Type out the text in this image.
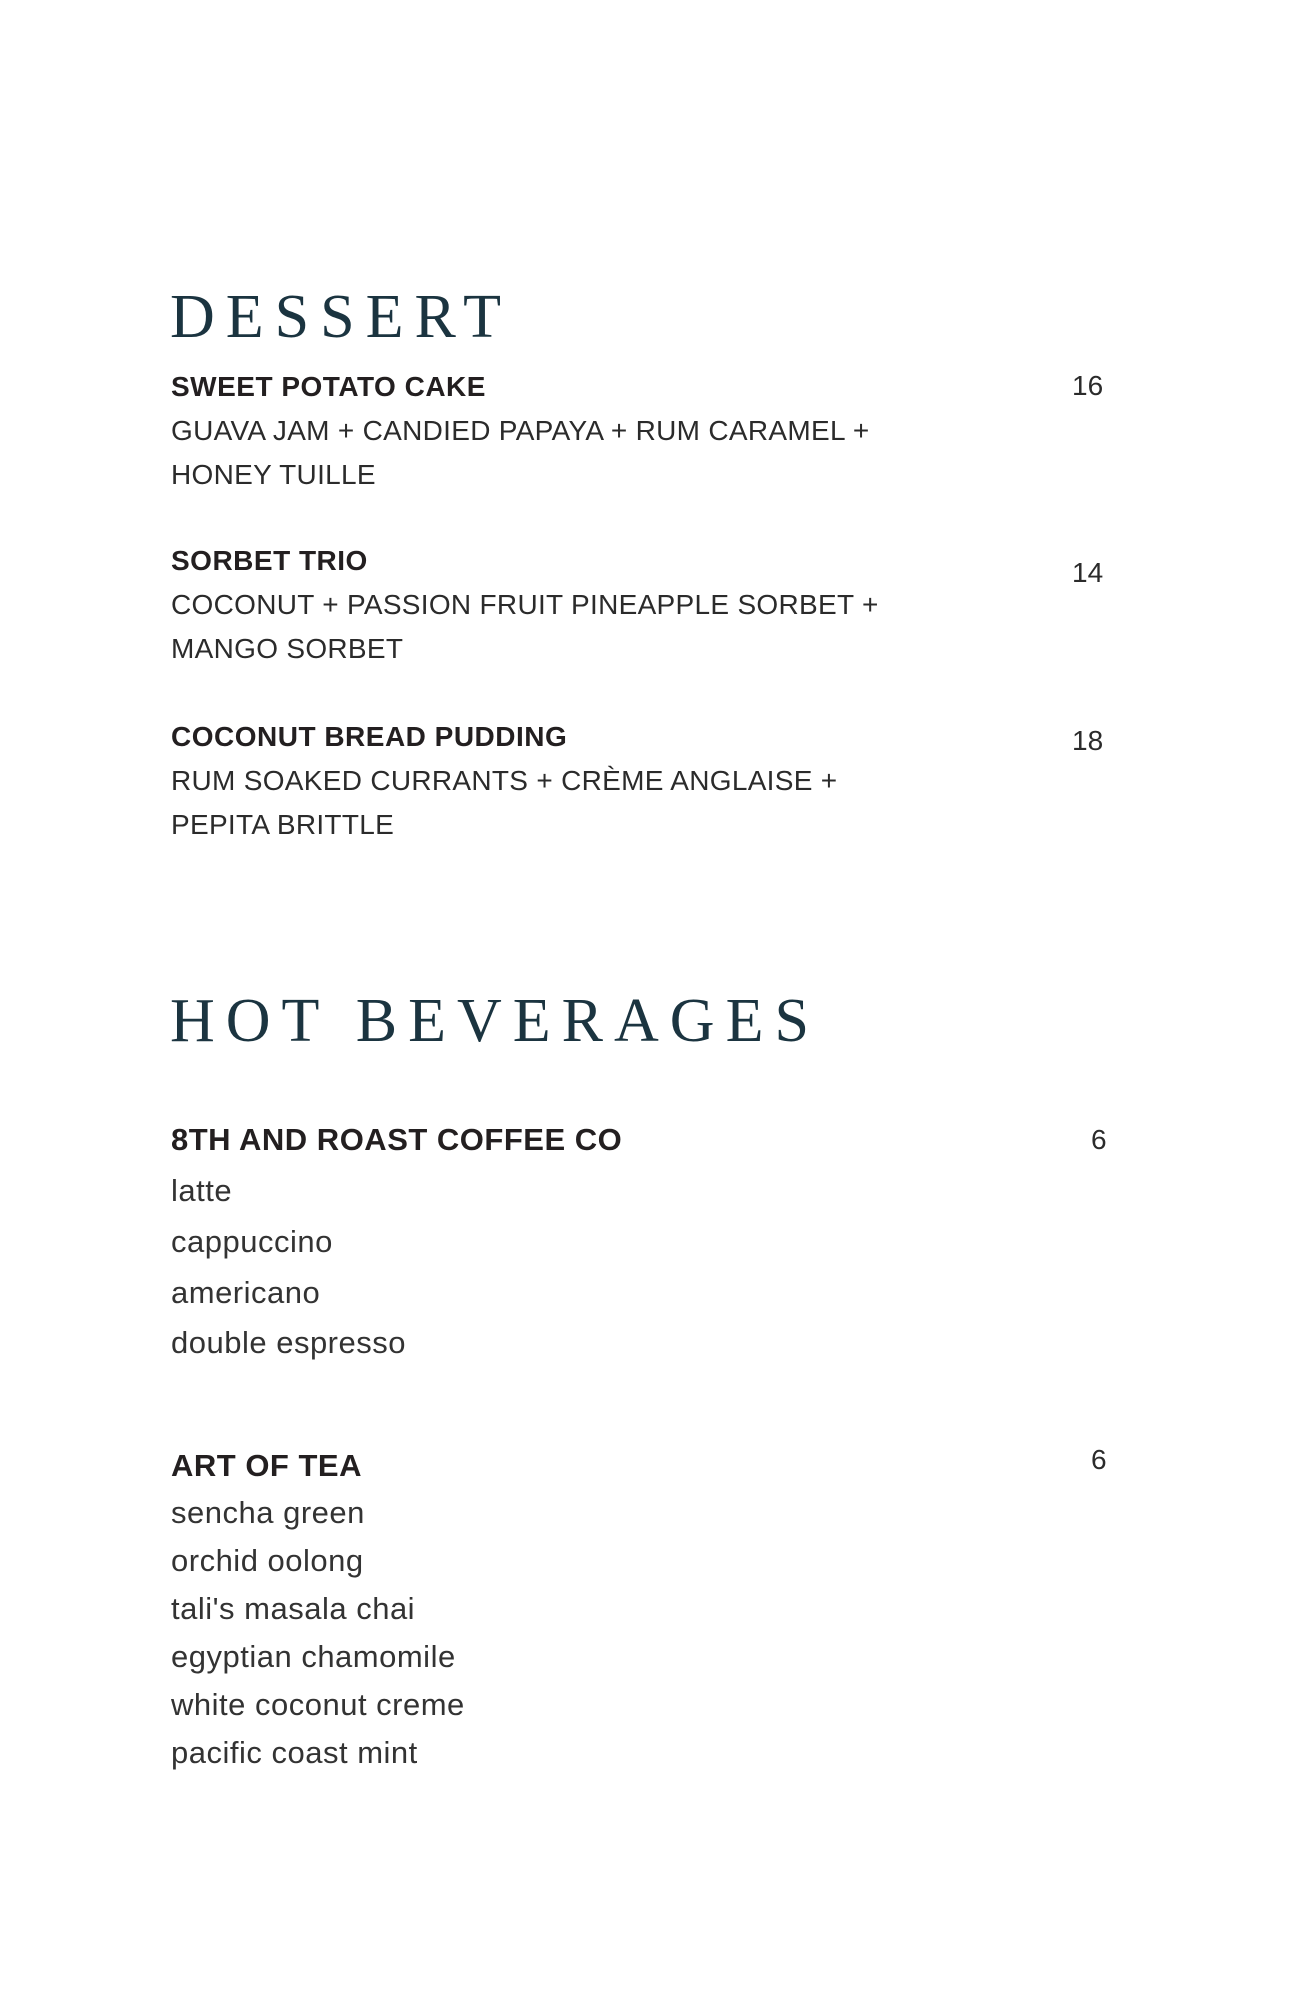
DESSERT
SWEET POTATO CAKE	16
GUAVA JAM + CANDIED PAPAYA + RUM CARAMEL +
HONEY TUILLE
SORBET TRIO	14
COCONUT + PASSION FRUIT PINEAPPLE SORBET +
MANGO SORBET
COCONUT BREAD PUDDING	18
RUM SOAKED CURRANTS + CRÈME ANGLAISE +
PEPITA BRITTLE
HOT BEVERAGES
8TH AND ROAST COFFEE CO	6
latte
cappuccino
americano
double espresso
ART OF TEA	6
sencha green
orchid oolong
tali's masala chai
egyptian chamomile
white coconut creme
pacific coast mint
